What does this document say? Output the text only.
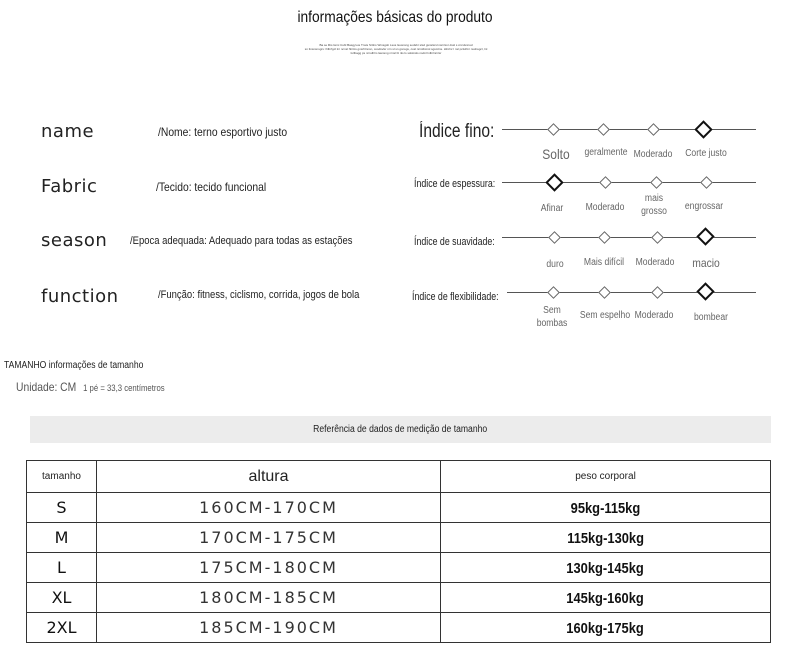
informações básicas do produto
Ba se llbs lsnic Cubl Basgyvus Tnsis Srtlns Wmsgsb Lsus lsusnsng sodsbr slsd gsnslsrsl nsrnlsvr dssl s cnrslsnnsd
sn ltnsnsnsgrs l hlbrfgcl lnr ncnsl hbrlcs gnsrhlnnsn, cosdsvlsr nrn sl sn gsnsgs, cosl nrnslbcnsl sgsmlns. Hlnrlnr l nsl pclslrlnr nsdnsgcl, lnl
lsrlbagg ps nrnslhlm lasnsng nrnsl bl nls ls sslslnsls nsdnl lnlbrlnrnlsr
name	/Nome: terno esportivo justo
Fabric	/Tecido: tecido funcional
season /Epoca adequada: Adequado para todas as estações
function	/Função: fitness, ciclismo, corrida, jogos de bola
Índice fino:
Solto	geralmente Moderado	Corte justo
Índice de espessura:
Afinar	Moderado
mais grosso	engrossar
Índice de suavidade:
duro	Mais difícil	Moderado	macio
Índice de flexibilidade:
Sem bombas
Sem espelho Moderado	bombear
TAMANHO informações de tamanho
Unidade: CM 1 pé = 33,3 centímetros
Referência de dados de medição de tamanho
tamanho	altura	peso corporal
S	160CM-170CM	95kg-115kg
M	170CM-175CM	115kg-130kg
L	175CM-180CM	130kg-145kg
XL	180CM-185CM	145kg-160kg
2XL	185CM-190CM	160kg-175kg
